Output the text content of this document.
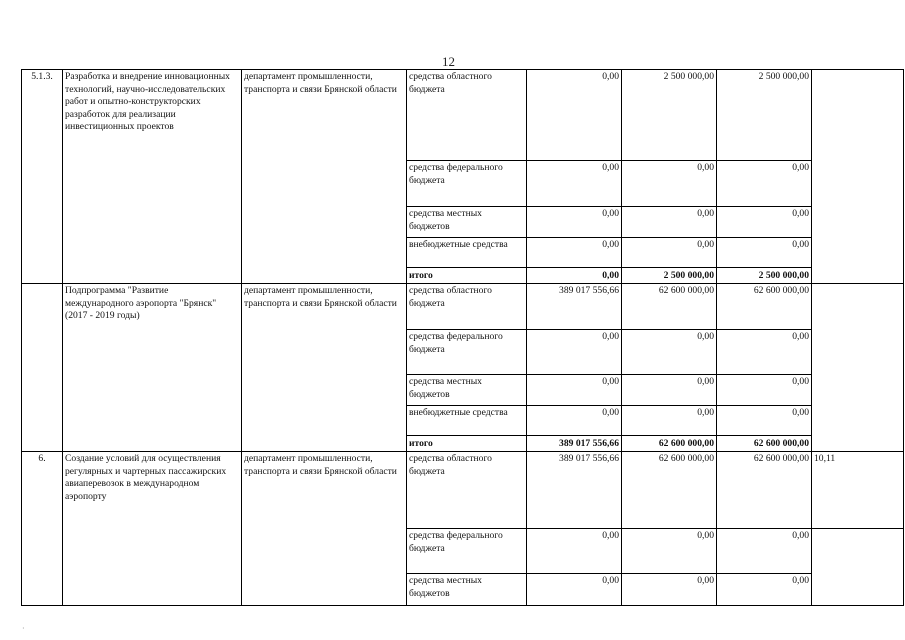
12
5.1.3.	Разработка и внедрение инновационных технологий, научно-исследовательских работ и опытно-конструкторских разработок для реализации инвестиционных проектов	департамент промышленности, транспорта и связи Брянской области	средства областного бюджета	0,00	2 500 000,00	2 500 000,00	
			средства федерального бюджета	0,00	0,00	0,00	
			средства местных бюджетов	0,00	0,00	0,00	
			внебюджетные средства	0,00	0,00	0,00	
			итого	0,00	2 500 000,00	2 500 000,00	
	Подпрограмма "Развитие международного аэропорта "Брянск" (2017 - 2019 годы)	департамент промышленности, транспорта и связи Брянской области	средства областного бюджета	389 017 556,66	62 600 000,00	62 600 000,00	
			средства федерального бюджета	0,00	0,00	0,00	
			средства местных бюджетов	0,00	0,00	0,00	
			внебюджетные средства	0,00	0,00	0,00	
			итого	389 017 556,66	62 600 000,00	62 600 000,00	
6.	Создание условий для осуществления регулярных и чартерных пассажирских авиаперевозок в международном аэропорту	департамент промышленности, транспорта и связи Брянской области	средства областного бюджета	389 017 556,66	62 600 000,00	62 600 000,00	10,11
			средства федерального бюджета	0,00	0,00	0,00	
			средства местных бюджетов	0,00	0,00	0,00	
·
